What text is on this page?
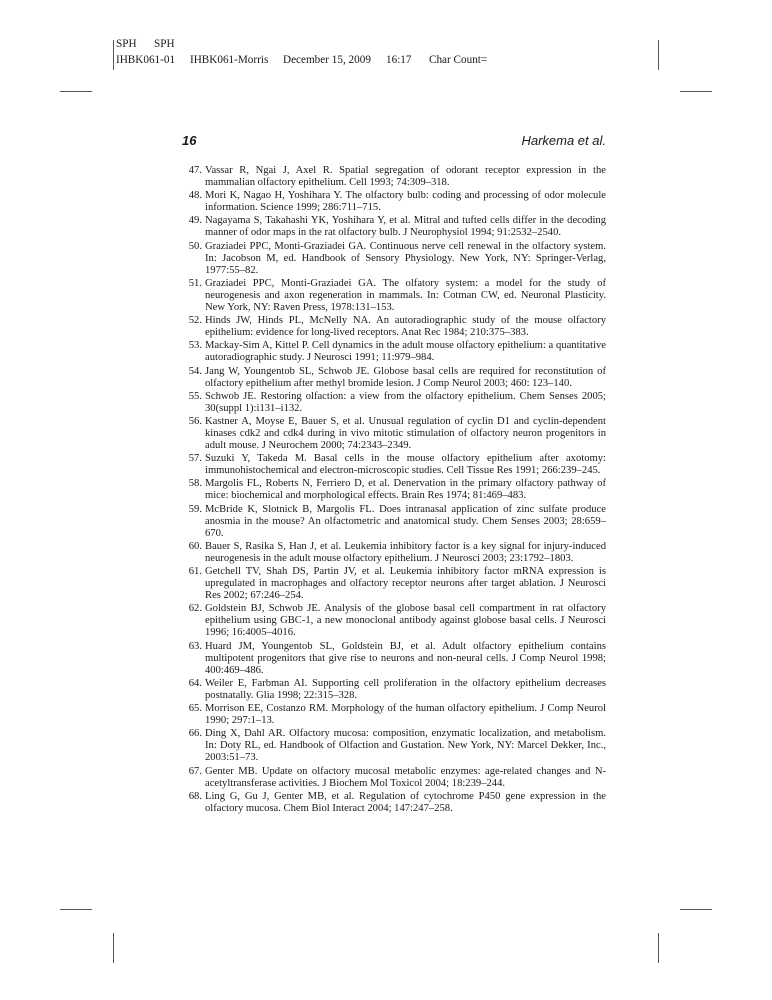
SPH SPH
IHBK061-01 IHBK061-Morris December 15, 2009 16:17 Char Count=
16	Harkema et al.
47. Vassar R, Ngai J, Axel R. Spatial segregation of odorant receptor expression in the mammalian olfactory epithelium. Cell 1993; 74:309–318.
48. Mori K, Nagao H, Yoshihara Y. The olfactory bulb: coding and processing of odor molecule information. Science 1999; 286:711–715.
49. Nagayama S, Takahashi YK, Yoshihara Y, et al. Mitral and tufted cells differ in the decoding manner of odor maps in the rat olfactory bulb. J Neurophysiol 1994; 91:2532–2540.
50. Graziadei PPC, Monti-Graziadei GA. Continuous nerve cell renewal in the olfactory system. In: Jacobson M, ed. Handbook of Sensory Physiology. New York, NY: Springer-Verlag, 1977:55–82.
51. Graziadei PPC, Monti-Graziadei GA. The olfatory system: a model for the study of neurogenesis and axon regeneration in mammals. In: Cotman CW, ed. Neuronal Plasticity. New York, NY: Raven Press, 1978:131–153.
52. Hinds JW, Hinds PL, McNelly NA. An autoradiographic study of the mouse olfactory epithelium: evidence for long-lived receptors. Anat Rec 1984; 210:375–383.
53. Mackay-Sim A, Kittel P. Cell dynamics in the adult mouse olfactory epithelium: a quantitative autoradiographic study. J Neurosci 1991; 11:979–984.
54. Jang W, Youngentob SL, Schwob JE. Globose basal cells are required for reconstitution of olfactory epithelium after methyl bromide lesion. J Comp Neurol 2003; 460: 123–140.
55. Schwob JE. Restoring olfaction: a view from the olfactory epithelium. Chem Senses 2005; 30(suppl 1):i131–i132.
56. Kastner A, Moyse E, Bauer S, et al. Unusual regulation of cyclin D1 and cyclin-dependent kinases cdk2 and cdk4 during in vivo mitotic stimulation of olfactory neuron progenitors in adult mouse. J Neurochem 2000; 74:2343–2349.
57. Suzuki Y, Takeda M. Basal cells in the mouse olfactory epithelium after axotomy: immunohistochemical and electron-microscopic studies. Cell Tissue Res 1991; 266:239–245.
58. Margolis FL, Roberts N, Ferriero D, et al. Denervation in the primary olfactory pathway of mice: biochemical and morphological effects. Brain Res 1974; 81:469–483.
59. McBride K, Slotnick B, Margolis FL. Does intranasal application of zinc sulfate produce anosmia in the mouse? An olfactometric and anatomical study. Chem Senses 2003; 28:659–670.
60. Bauer S, Rasika S, Han J, et al. Leukemia inhibitory factor is a key signal for injury-induced neurogenesis in the adult mouse olfactory epithelium. J Neurosci 2003; 23:1792–1803.
61. Getchell TV, Shah DS, Partin JV, et al. Leukemia inhibitory factor mRNA expression is upregulated in macrophages and olfactory receptor neurons after target ablation. J Neurosci Res 2002; 67:246–254.
62. Goldstein BJ, Schwob JE. Analysis of the globose basal cell compartment in rat olfactory epithelium using GBC-1, a new monoclonal antibody against globose basal cells. J Neurosci 1996; 16:4005–4016.
63. Huard JM, Youngentob SL, Goldstein BJ, et al. Adult olfactory epithelium contains multipotent progenitors that give rise to neurons and non-neural cells. J Comp Neurol 1998; 400:469–486.
64. Weiler E, Farbman AI. Supporting cell proliferation in the olfactory epithelium decreases postnatally. Glia 1998; 22:315–328.
65. Morrison EE, Costanzo RM. Morphology of the human olfactory epithelium. J Comp Neurol 1990; 297:1–13.
66. Ding X, Dahl AR. Olfactory mucosa: composition, enzymatic localization, and metabolism. In: Doty RL, ed. Handbook of Olfaction and Gustation. New York, NY: Marcel Dekker, Inc., 2003:51–73.
67. Genter MB. Update on olfactory mucosal metabolic enzymes: age-related changes and N-acetyltransferase activities. J Biochem Mol Toxicol 2004; 18:239–244.
68. Ling G, Gu J, Genter MB, et al. Regulation of cytochrome P450 gene expression in the olfactory mucosa. Chem Biol Interact 2004; 147:247–258.
